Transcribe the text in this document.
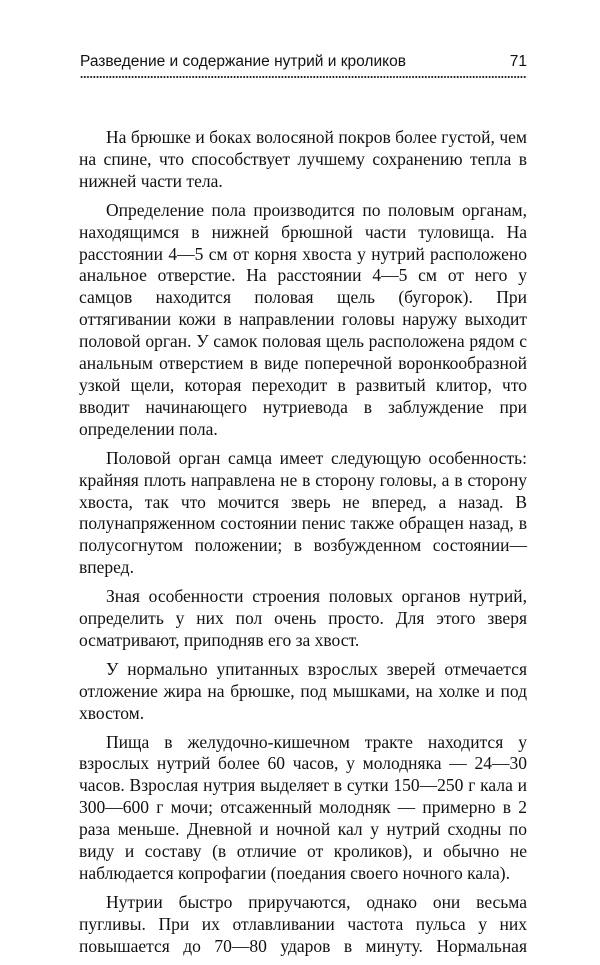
Разведение и содержание нутрий и кроликов	71

На брюшке и боках волосяной покров более густой, чем на спине, что способствует лучшему сохранению тепла в нижней части тела.

Определение пола производится по половым органам, находящимся в нижней брюшной части туловища. На расстоянии 4—5 см от корня хвоста у нутрий расположено анальное отверстие. На расстоянии 4—5 см от него у самцов находится половая щель (бугорок). При оттягивании кожи в направлении головы наружу выходит половой орган. У самок половая щель расположена рядом с анальным отверстием в виде поперечной воронкообразной узкой щели, которая переходит в развитый клитор, что вводит начинающего нутриевода в заблуждение при определении пола.

Половой орган самца имеет следующую особенность: крайняя плоть направлена не в сторону головы, а в сторону хвоста, так что мочится зверь не вперед, а назад. В полунапряженном состоянии пенис также обращен назад, в полусогнутом положении; в возбужденном состоянии— вперед.

Зная особенности строения половых органов нутрий, определить у них пол очень просто. Для этого зверя осматривают, приподняв его за хвост.

У нормально упитанных взрослых зверей отмечается отложение жира на брюшке, под мышками, на холке и под хвостом.

Пища в желудочно-кишечном тракте находится у взрослых нутрий более 60 часов, у молодняка — 24—30 часов. Взрослая нутрия выделяет в сутки 150—250 г кала и 300—600 г мочи; отсаженный молодняк — примерно в 2 раза меньше. Дневной и ночной кал у нутрий сходны по виду и составу (в отличие от кроликов), и обычно не наблюдается копрофагии (поедания своего ночного кала).

Нутрии быстро приручаются, однако они весьма пугливы. При их отлавливании частота пульса у них повышается до 70—80 ударов в минуту. Нормальная
